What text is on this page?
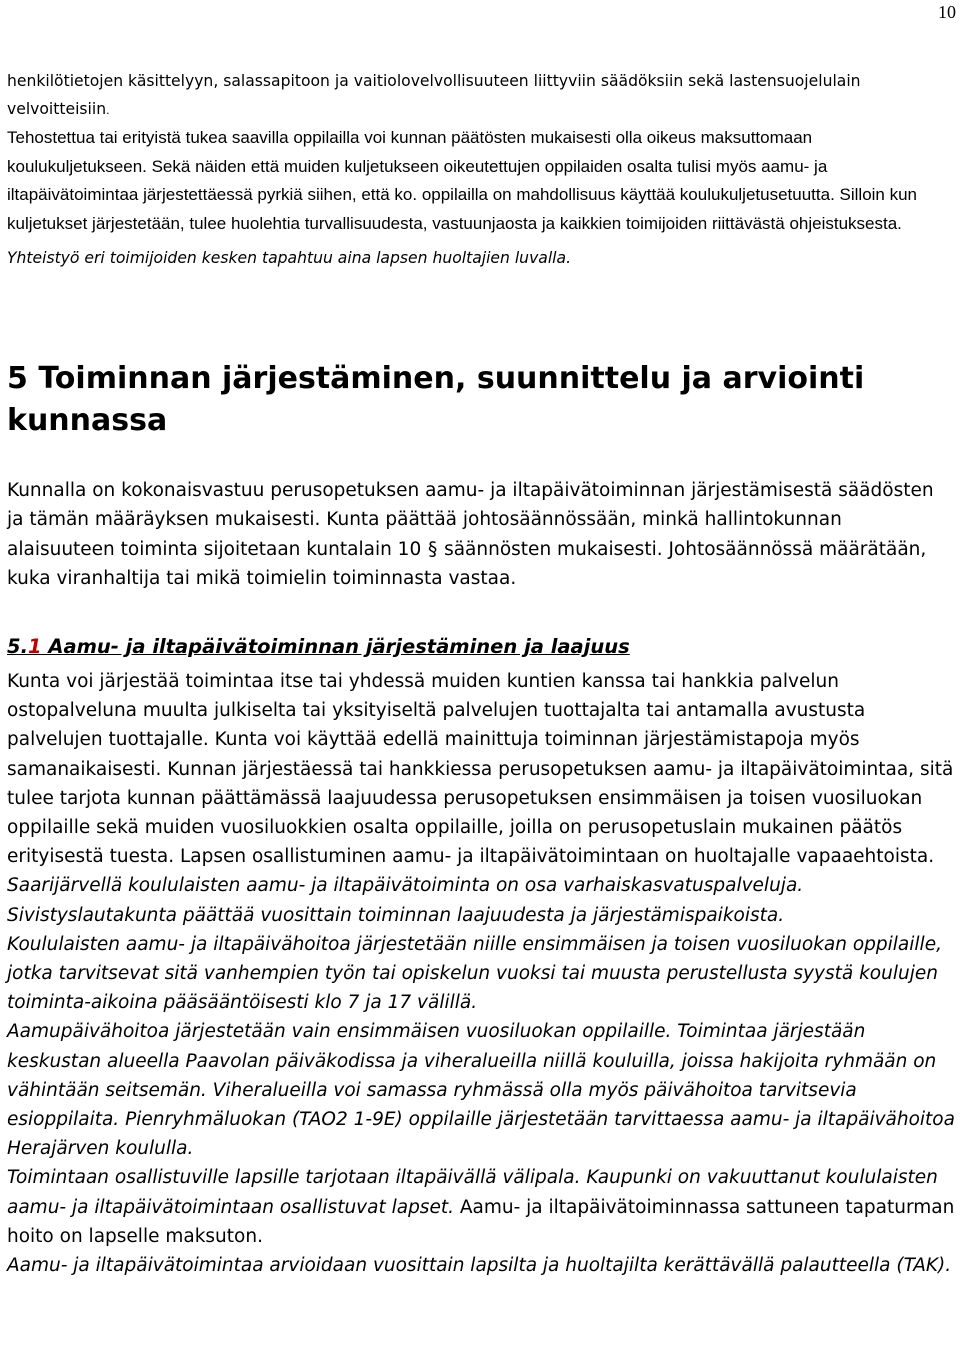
10

henkilötietojen käsittelyyn, salassapitoon ja vaitiolovelvollisuuteen liittyviin säädöksiin sekä lastensuojelulain velvoitteisiin.
Tehostettua tai erityistä tukea saavilla oppilailla voi kunnan päätösten mukaisesti olla oikeus maksuttomaan koulukuljetukseen. Sekä näiden että muiden kuljetukseen oikeutettujen oppilaiden osalta tulisi myös aamu- ja iltapäivätoimintaa järjestettäessä pyrkiä siihen, että ko. oppilailla on mahdollisuus käyttää koulukuljetusetuutta. Silloin kun kuljetukset järjestetään, tulee huolehtia turvallisuudesta, vastuunjaosta ja kaikkien toimijoiden riittävästä ohjeistuksesta.

Yhteistyö eri toimijoiden kesken tapahtuu aina lapsen huoltajien luvalla.

5 Toiminnan järjestäminen, suunnittelu ja arviointi kunnassa

Kunnalla on kokonaisvastuu perusopetuksen aamu- ja iltapäivätoiminnan järjestämisestä säädösten ja tämän määräyksen mukaisesti. Kunta päättää johtosäännössään, minkä hallintokunnan alaisuuteen toiminta sijoitetaan kuntalain 10 § säännösten mukaisesti. Johtosäännössä määrätään, kuka viranhaltija tai mikä toimielin toiminnasta vastaa.

5.1 Aamu- ja iltapäivätoiminnan järjestäminen ja laajuus

Kunta voi järjestää toimintaa itse tai yhdessä muiden kuntien kanssa tai hankkia palvelun ostopalveluna muulta julkiselta tai yksityiseltä palvelujen tuottajalta tai antamalla avustusta palvelujen tuottajalle. Kunta voi käyttää edellä mainittuja toiminnan järjestämistapoja myös samanaikaisesti. Kunnan järjestäessä tai hankkiessa perusopetuksen aamu- ja iltapäivätoimintaa, sitä tulee tarjota kunnan päättämässä laajuudessa perusopetuksen ensimmäisen ja toisen vuosiluokan oppilaille sekä muiden vuosiluokkien osalta oppilaille, joilla on perusopetuslain mukainen päätös erityisestä tuesta. Lapsen osallistuminen aamu- ja iltapäivätoimintaan on huoltajalle vapaaehtoista.
Saarijärvellä koululaisten aamu- ja iltapäivätoiminta on osa varhaiskasvatuspalveluja.
Sivistyslautakunta päättää vuosittain toiminnan laajuudesta ja järjestämispaikoista.
Koululaisten aamu- ja iltapäivähoitoa järjestetään niille ensimmäisen ja toisen vuosiluokan oppilaille, jotka tarvitsevat sitä vanhempien työn tai opiskelun vuoksi tai muusta perustellusta syystä koulujen toiminta-aikoina pääsääntöisesti klo 7 ja 17 välillä.
Aamupäivähoitoa järjestetään vain ensimmäisen vuosiluokan oppilaille. Toimintaa järjestään keskustan alueella Paavolan päiväkodissa ja viheralueilla niillä kouluilla, joissa hakijoita ryhmään on vähintään seitsemän. Viheralueilla voi samassa ryhmässä olla myös päivähoitoa tarvitsevia esioppilaita. Pienryhmäluokan (TAO2 1-9E) oppilaille järjestetään tarvittaessa aamu- ja iltapäivähoitoa Herajärven koululla.
Toimintaan osallistuville lapsille tarjotaan iltapäivällä välipala. Kaupunki on vakuuttanut koululaisten aamu- ja iltapäivätoimintaan osallistuvat lapset. Aamu- ja iltapäivätoiminnassa sattuneen tapaturman hoito on lapselle maksuton.
Aamu- ja iltapäivätoimintaa arvioidaan vuosittain lapsilta ja huoltajilta kerättävällä palautteella (TAK).
